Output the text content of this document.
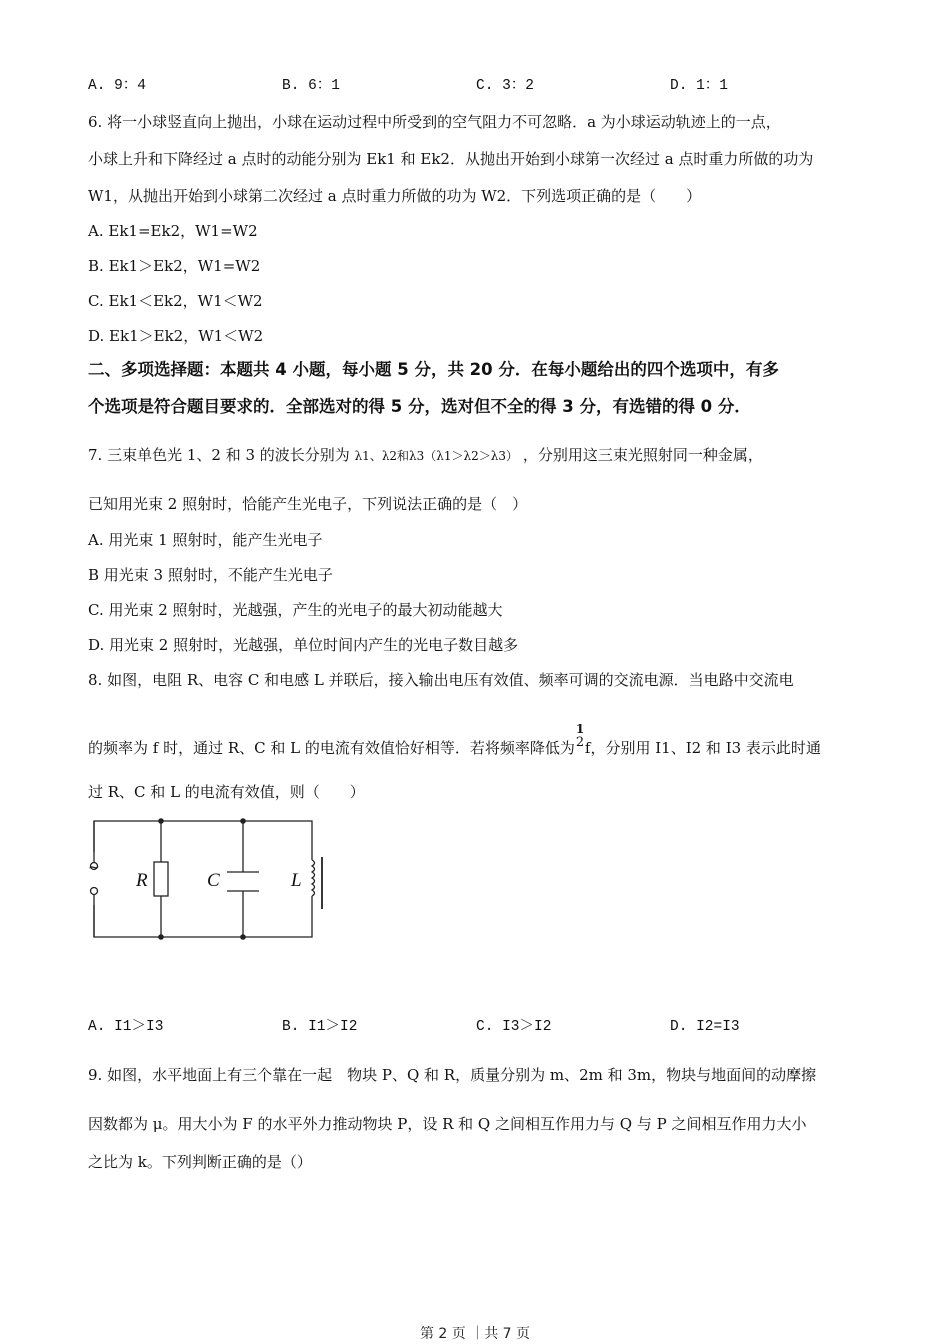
A. 9：4	B. 6：1	C. 3：2	D. 1：1
6. 将一小球竖直向上抛出，小球在运动过程中所受到的空气阻力不可忽略．a 为小球运动轨迹上的一点，
小球上升和下降经过 a 点时的动能分别为 Ek1 和 Ek2．从抛出开始到小球第一次经过 a 点时重力所做的功为
W1，从抛出开始到小球第二次经过 a 点时重力所做的功为 W2．下列选项正确的是（　　）
A. Ek1=Ek2，W1=W2
B. Ek1＞Ek2，W1=W2
C. Ek1＜Ek2，W1＜W2
D. Ek1＞Ek2，W1＜W2
二、多项选择题：本题共 4 小题，每小题 5 分，共 20 分．在每小题给出的四个选项中，有多
个选项是符合题目要求的．全部选对的得 5 分，选对但不全的得 3 分，有选错的得 0 分．
7. 三束单色光 1、2 和 3 的波长分别为 λ1、λ2和λ3（λ1＞λ2＞λ3） ，分别用这三束光照射同一种金属，
已知用光束 2 照射时，恰能产生光电子，下列说法正确的是（　）
A. 用光束 1 照射时，能产生光电子
B 用光束 3 照射时，不能产生光电子
C. 用光束 2 照射时，光越强，产生的光电子的最大初动能越大
D. 用光束 2 照射时，光越强，单位时间内产生的光电子数目越多
8. 如图，电阻 R、电容 C 和电感 L 并联后，接入输出电压有效值、频率可调的交流电源．当电路中交流电
的频率为 f 时，通过 R、C 和 L 的电流有效值恰好相等．若将频率降低为
1
2 f，分别用 I1、I2 和 I3 表示此时通
过 R、C 和 L 的电流有效值，则（　　）
~
R	C	L
A. I1＞I3	B. I1＞I2	C. I3＞I2	D. I2=I3
9. 如图，水平地面上有三个靠在一起　物块 P、Q 和 R，质量分别为 m、2m 和 3m，物块与地面间的动摩擦
因数都为 μ。用大小为 F 的水平外力推动物块 P，设 R 和 Q 之间相互作用力与 Q 与 P 之间相互作用力大小
之比为 k。下列判断正确的是（）
第 2 页 ｜共 7 页
